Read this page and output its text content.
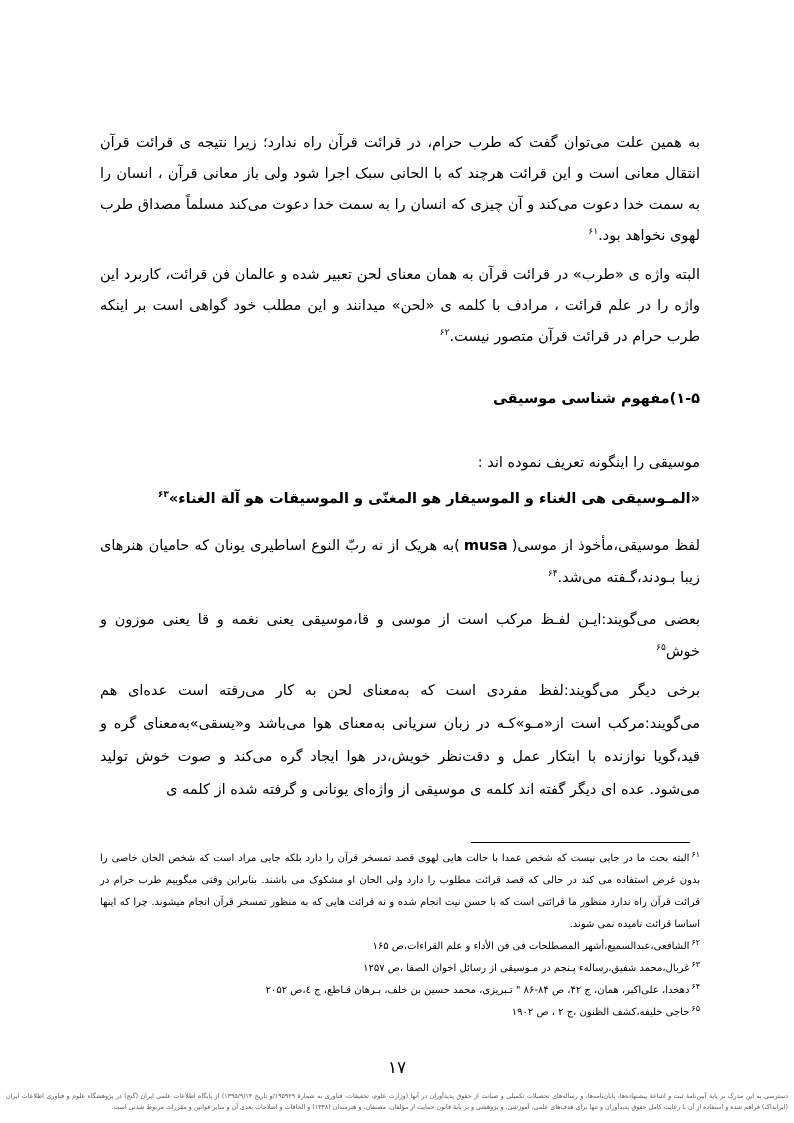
به همین علت می‌توان گفت که طرب حرام، در قرائت قرآن راه ندارد؛ زیرا نتیجه ی قرائت قرآن انتقال معانی است و این قرائت هرچند که با الحانی سبک اجرا شود ولی باز معانی قرآن ، انسان را به سمت خدا دعوت می‌کند و آن چیزی که انسان را به سمت خدا دعوت می‌کند مسلماً مصداق طرب لهوی نخواهد بود.$^{۶۱}$
البته واژه ی «طرب» در قرائت قرآن به همان معنای لحن تعبیر شده و عالمان فن قرائت، کاربرد این واژه را در علم قرائت ، مرادف با کلمه ی «لحن» میدانند و این مطلب خود گواهی است بر اینکه طرب حرام در قرائت قرآن متصور نیست.$^{۶۲}$
۱-۵)مفهوم شناسی موسیقی
موسیقی را اینگونه تعریف نموده اند :
«المـوسیقی هی الغناء و الموسیقار هو المغنّی و الموسیقات هو آلة الغناء»$^{۶۳}$
لفظ موسیقی،مأخوذ از موسی(musa)به هریک از نه ربّ النوع اساطیری یونان که حامیان هنرهای زیبا بـودند،گـفته می‌شد.$^{۶۴}$
بعضی می‌گویند:ایـن لفـظ مرکب است از موسی و قا،موسیقی یعنی نغمه و قا یعنی موزون و خوش$^{۶۵}$
برخی دیگر می‌گویند:لفظ مفردی است که به‌معنای لحن به کار می‌رفته است عده‌ای هم می‌گویند:مرکب است از«مـو»کـه در زبان سریانی به‌معنای هوا می‌باشد و«یسقی»به‌معنای گره و قید،گویا نوازنده با ابتکار عمل و دقت‌نظر خویش،در هوا ایجاد گره می‌کند و صوت خوش تولید می‌شود. عده ای دیگر گفته اند کلمه ی موسیقی از واژه‌ای یونانی و گرفته شده از کلمه ی
$^{۶۱}$البته بحث ما در جایی نیست که شخص عمدا با حالت هایی لهوی قصد تمسخر قرآن را دارد بلکه جایی مراد است که شخص الحان خاصی را بدون غرض استفاده می کند در حالی که قصد قرائت مطلوب را دارد ولی الحان او مشکوک می باشند. بنابراین وقتی میگوییم طرب حرام در قرائت قرآن راه ندارد منظور ما قرائتی است که با حسن نیت انجام شده و نه قرائت هایی که به منظور تمسخر قرآن انجام میشوند. چرا که اینها اساسا قرائت نامیده نمی شوند.
$^{۶۲}$الشافعی،عبدالسمیع،أشهر المصطلحات فی فن الأداء و علم القراءات،ص ۱۶۵
$^{۶۳}$غربال،محمد شفیق،رساله‌ء پـنجم در مـوسیقی از رسائل اخوان الصفا ،ص ۱۲۵۷
$^{۶۴}$دهخدا، علی‌اکبر، همان، ج ۴۲، ص ۸۴-۸۶ " تـبریزی، محمد حسین بن خلف، بـرهان قـاطع، ج ٤،ص ۲۰۵۲
$^{۶۵}$حاجی خلیفه،کشف الظنون ،ج ۲ ، ص ۱۹۰۲
۱۷
دسترسی به این مدرک بر پایهٔ آیین‌نامهٔ ثبت و اشاعهٔ پیشنهاده‌ها، پایان‌نامه‌ها، و رساله‌های تحصیلات تکمیلی و صیانت از حقوق پدیدآوران در آنها (وزارت علوم، تحقیقات، فناوری به شمارهٔ ۱۹۵۹۲۹/و تاریخ ۱۳۹۵/۹/۱۴) از پایگاه اطلاعات علمی ایران (گنج) در پژوهشگاه علوم و فناوری اطلاعات ایران (ایرانداک) فراهم شده و استفاده از آن با رعایت کامل حقوق پدیدآوران و تنها برای هدف‌های علمی، آموزشی، و پژوهشی و بر پایهٔ قانون حمایت از مؤلفان، مصنفان، و هنرمندان (۱۳۴۸) و الحاقات و اصلاحات بعدی آن و سایر قوانین و مقررات مربوط شدنی است.
